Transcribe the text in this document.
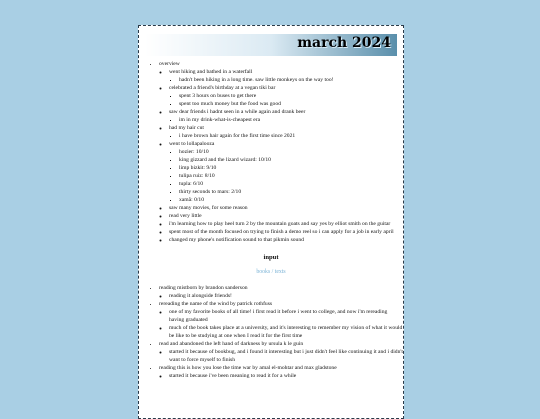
march 2024
• overview
◦ went hiking and bathed in a waterfall
▪ hadn't been hiking in a long time. saw little monkeys on the way too!
◦ celebrated a friend's birthday at a vegan tiki bar
▪ spent 3 hours on buses to get there
▪ spent too much money but the food was good
◦ saw dear friends i hadnt seen in a while again and drank beer
▪ im in my drink-what-is-cheapest era
◦ had my hair cut
▪ i have brown hair again for the first time since 2021
◦ went to lollapalooza
▪ hozier: 10/10
▪ king gizzard and the lizard wizard: 10/10
▪ limp bizkit: 9/10
▪ tulipa ruiz: 8/10
▪ tupla: 6/10
▪ thirty seconds to mars: 2/10
▪ xamã: 0/10
◦ saw many movies, for some reason
◦ read very little
◦ i'm learning how to play heel turn 2 by the mountain goats and say yes by elliot smith on the guitar
◦ spent most of the month focused on trying to finish a demo reel so i can apply for a job in early april
◦ changed my phone's notification sound to that pikmin sound
input
books / texts
• reading mistborn by brandon sanderson
◦ reading it alongside friends!
• rereading the name of the wind by patrick rothfuss
◦ one of my favorite books of all time! i first read it before i went to college, and now i'm rereading having graduated
◦ much of the book takes place at a university, and it's interesting to remember my vision of what it would be like to be studying at one when I read it for the first time
• read and abandoned the left hand of darkness by ursula k le guin
◦ started it because of bookbug, and i found it interesting but i just didn't feel like continuing it and i didn't want to force myself to finish
• reading this is how you lose the time war by amal el-mohtar and max gladstone
◦ started it because i've been meaning to read it for a while
